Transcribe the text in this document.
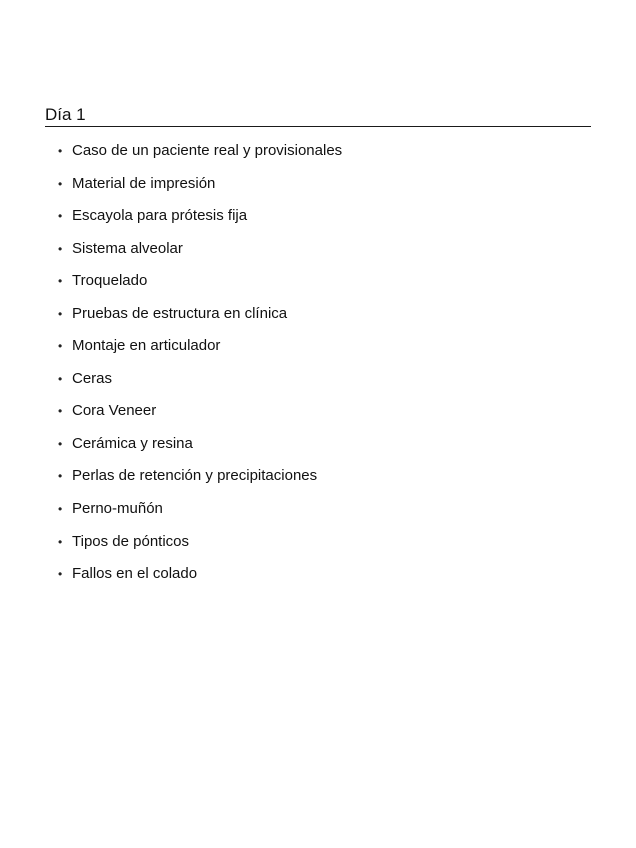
Día 1
• Caso de un paciente real y provisionales
• Material de impresión
• Escayola para prótesis fija
• Sistema alveolar
• Troquelado
• Pruebas de estructura en clínica
• Montaje en articulador
• Ceras
• Cora Veneer
• Cerámica y resina
• Perlas de retención y precipitaciones
• Perno-muñón
• Tipos de pónticos
• Fallos en el colado
